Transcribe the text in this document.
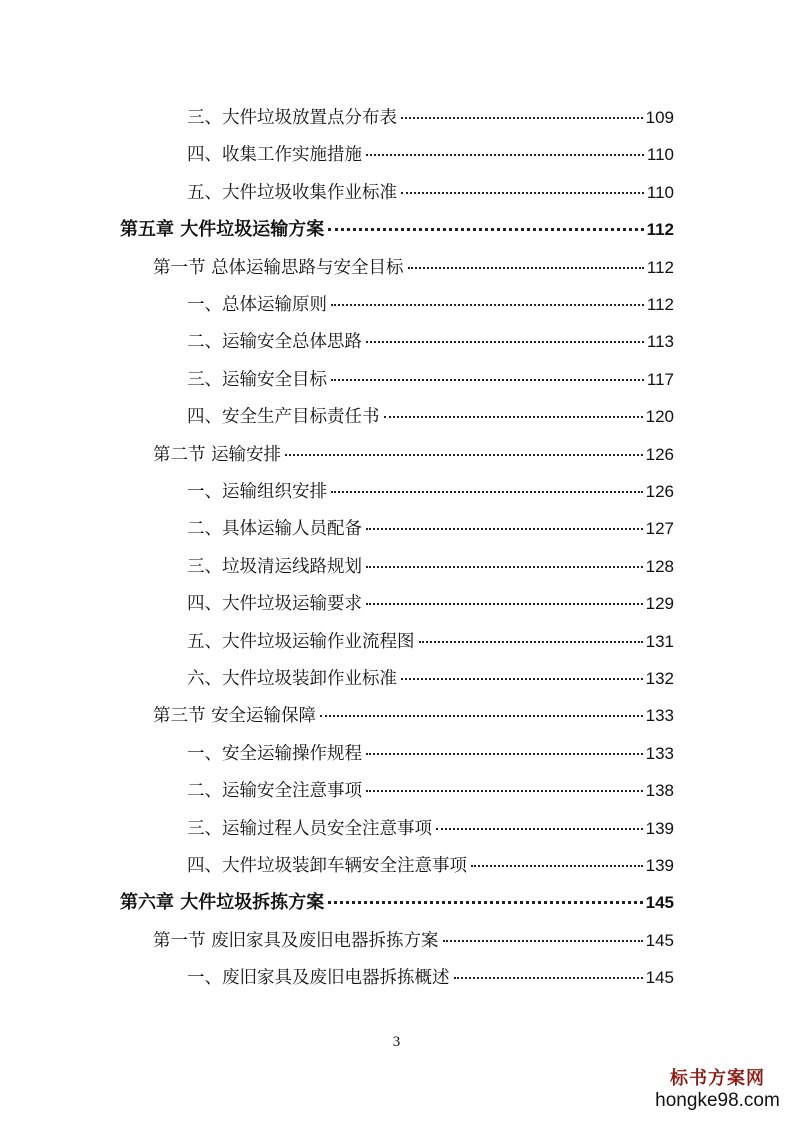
三、大件垃圾放置点分布表	109
四、收集工作实施措施	110
五、大件垃圾收集作业标准	110
第五章 大件垃圾运输方案	112
第一节 总体运输思路与安全目标	112
一、总体运输原则	112
二、运输安全总体思路	113
三、运输安全目标	117
四、安全生产目标责任书	120
第二节 运输安排	126
一、运输组织安排	126
二、具体运输人员配备	127
三、垃圾清运线路规划	128
四、大件垃圾运输要求	129
五、大件垃圾运输作业流程图	131
六、大件垃圾装卸作业标准	132
第三节 安全运输保障	133
一、安全运输操作规程	133
二、运输安全注意事项	138
三、运输过程人员安全注意事项	139
四、大件垃圾装卸车辆安全注意事项	139
第六章 大件垃圾拆拣方案	145
第一节 废旧家具及废旧电器拆拣方案	145
一、废旧家具及废旧电器拆拣概述	145
3
标书方案网
hongke98.com
